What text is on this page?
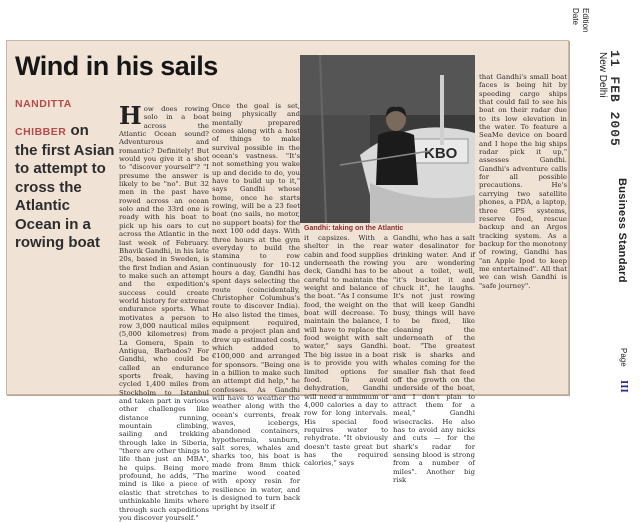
Wind in his sails
NANDITTA
CHIBBER on the first Asian to attempt to cross the Atlantic Ocean in a rowing boat
How does rowing solo in a boat across the Atlantic Ocean sound? Adventurous and romantic? Definitely! But would you give it a shot to "discover yourself"? "I presume the answer is likely to be "no". But 32 men in the past have rowed across an ocean solo and the 33rd one is ready with his boat to pick up his oars to cut across the Atlantic in the last week of February. Bhavik Gandhi, in his late 20s, based in Sweden, is the first Indian and Asian to make such an attempt and the expedition's success could create world history for extreme endurance sports. What motivates a person to row 3,000 nautical miles (5,000 kilometres) from La Gomera, Spain to Antigua, Barbados? For Gandhi, who could be called an endurance sports freak, having cycled 1,400 miles from Stockholm to Istanbul and taken part in various other challenges like distance running, mountain climbing, sailing and trekking through lake in Siberia, "there are other things to life than just an MBA", he quips. Being more profound, he adds, "The mind is like a piece of elastic that stretches to unthinkable limits where through such expeditions you discover yourself."
Once the goal is set, being physically and mentally prepared comes along with a host of things to make survival possible in the ocean's vastness. "It's not something you wake up and decide to do, you have to build up to it," says Gandhi whose home, once he starts rowing, will be a 23 feet boat (no sails, no motor, no support boats) for the next 100 odd days. With three hours at the gym everyday to build the stamina to row continuously for 10-12 hours a day, Gandhi has spent days selecting the route (coincidentally, Christopher Columbus's route to discover India). He also listed the times, equipment required, made a project plan and drew up estimated costs, which added to €100,000 and arranged for sponsors. "Being one in a billion to make such an attempt did help," he confesses. As Gandhi will have to weather the weather along with the ocean's currents, freak waves, icebergs, abandoned containers, hypothermia, sunburn, salt sores, whales and sharks too, his boat is made from 8mm thick marine wood coated with epoxy resin for resilience in water, and is designed to turn back upright by itself if
KBO
Gandhi: taking on the Atlantic
it capsizes. With a shelter in the rear cabin and food supplies underneath the rowing deck, Gandhi has to be careful to maintain the weight and balance of the boat. "As I consume food, the weight on the boat will decrease. To maintain the balance, I will have to replace the food weight with salt water," says Gandhi. The big issue in a boat is to provide you with limited options for food. To avoid dehydration, Gandhi will need a minimum of 4,000 calories a day to row for long intervals. His special food requires water to rehydrate. "It obviously doesn't taste great but has the required calories," says
Gandhi, who has a salt water desalinator for drinking water. And if you are wondering about a toilet, well, "it's bucket it and chuck it", he laughs. It's not just rowing that will keep Gandhi busy, things will have to be fixed, like cleaning the underneath of the boat. "The greatest risk is sharks and whales coming for the smaller fish that feed off the growth on the underside of the boat, and I don't plan to attract them for a meal," Gandhi wisecracks. He also has to avoid any nicks and cuts — for the shark's radar for sensing blood is strong from a number of miles". Another big risk
that Gandhi's small boat faces is being hit by speeding cargo ships that could fail to see his boat on their radar due to its low elevation in the water. To feature a SeaMe device on board and I hope the big ships radar pick it up," assesses Gandhi. Gandhi's adventure calls for all possible precautions. He's carrying two satellite phones, a PDA, a laptop, three GPS systems, reserve food, rescue backup and an Argos tracking system. As a backup for the monotony of rowing, Gandhi has "an Apple Ipod to keep me entertained". All that we can wish Gandhi is "safe journey".
Edition
Date
New Delhi 11 FEB 2005
Business Standard
Page
III
